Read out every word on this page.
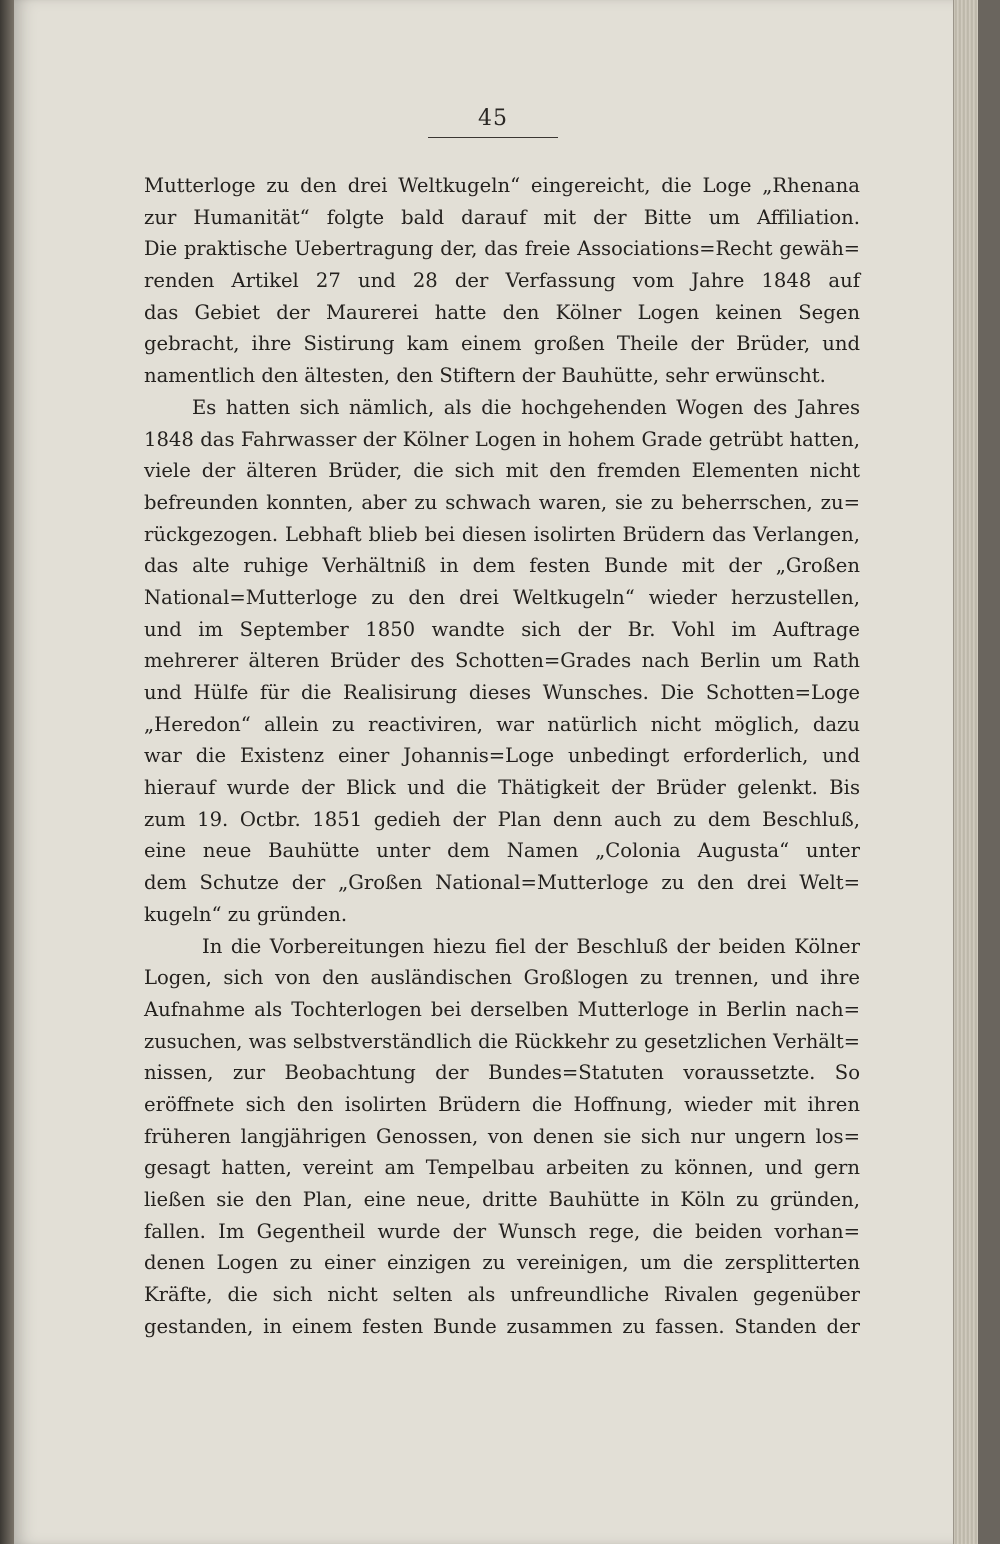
45
Mutterloge zu den drei Weltkugeln“ eingereicht, die Loge „Rhenana
zur Humanität“ folgte bald darauf mit der Bitte um Affiliation.
Die praktische Uebertragung der, das freie Associations=Recht gewäh=
renden Artikel 27 und 28 der Verfassung vom Jahre 1848 auf
das Gebiet der Maurerei hatte den Kölner Logen keinen Segen
gebracht, ihre Sistirung kam einem großen Theile der Brüder, und
namentlich den ältesten, den Stiftern der Bauhütte, sehr erwünscht.
Es hatten sich nämlich, als die hochgehenden Wogen des Jahres
1848 das Fahrwasser der Kölner Logen in hohem Grade getrübt hatten,
viele der älteren Brüder, die sich mit den fremden Elementen nicht
befreunden konnten, aber zu schwach waren, sie zu beherrschen, zu=
rückgezogen. Lebhaft blieb bei diesen isolirten Brüdern das Verlangen,
das alte ruhige Verhältniß in dem festen Bunde mit der „Großen
National=Mutterloge zu den drei Weltkugeln“ wieder herzustellen,
und im September 1850 wandte sich der Br. Vohl im Auftrage
mehrerer älteren Brüder des Schotten=Grades nach Berlin um Rath
und Hülfe für die Realisirung dieses Wunsches. Die Schotten=Loge
„Heredon“ allein zu reactiviren, war natürlich nicht möglich, dazu
war die Existenz einer Johannis=Loge unbedingt erforderlich, und
hierauf wurde der Blick und die Thätigkeit der Brüder gelenkt. Bis
zum 19. Octbr. 1851 gedieh der Plan denn auch zu dem Beschluß,
eine neue Bauhütte unter dem Namen „Colonia Augusta“ unter
dem Schutze der „Großen National=Mutterloge zu den drei Welt=
kugeln“ zu gründen.
In die Vorbereitungen hiezu fiel der Beschluß der beiden Kölner
Logen, sich von den ausländischen Großlogen zu trennen, und ihre
Aufnahme als Tochterlogen bei derselben Mutterloge in Berlin nach=
zusuchen, was selbstverständlich die Rückkehr zu gesetzlichen Verhält=
nissen, zur Beobachtung der Bundes=Statuten voraussetzte. So
eröffnete sich den isolirten Brüdern die Hoffnung, wieder mit ihren
früheren langjährigen Genossen, von denen sie sich nur ungern los=
gesagt hatten, vereint am Tempelbau arbeiten zu können, und gern
ließen sie den Plan, eine neue, dritte Bauhütte in Köln zu gründen,
fallen. Im Gegentheil wurde der Wunsch rege, die beiden vorhan=
denen Logen zu einer einzigen zu vereinigen, um die zersplitterten
Kräfte, die sich nicht selten als unfreundliche Rivalen gegenüber
gestanden, in einem festen Bunde zusammen zu fassen. Standen der
